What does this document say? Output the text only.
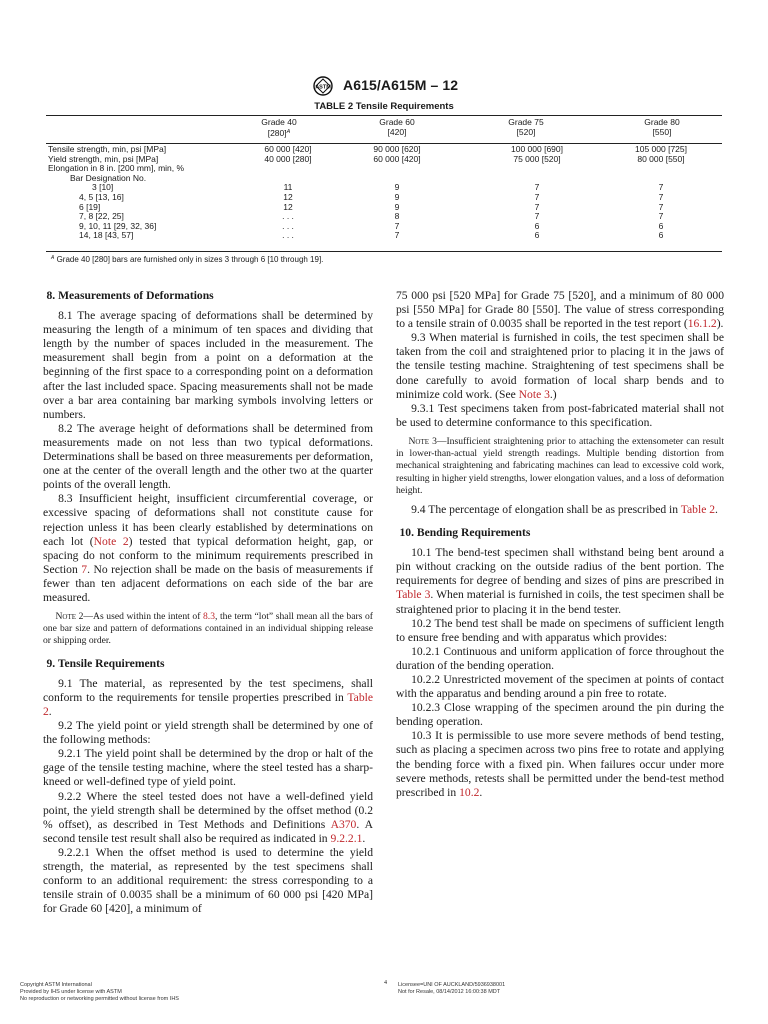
ASTM A615/A615M – 12
TABLE 2 Tensile Requirements
Grade 40
[280]$^A$
Grade 60
[420]
Grade 75
[520]
Grade 80
[550]
Tensile strength, min, psi [MPa]
Yield strength, min, psi [MPa]
Elongation in 8 in. [200 mm], min, %
Bar Designation No.
3 [10]
4, 5 [13, 16]
6 [19]
7, 8 [22, 25]
9, 10, 11 [29, 32, 36]
14, 18 [43, 57]
60 000 [420]
40 000 [280]
11
12
12
. . .
. . .
. . .
90 000 [620]
60 000 [420]
9
9
9
8
7
7
100 000 [690]
75 000 [520]
7
7
7
7
6
6
105 000 [725]
80 000 [550]
7
7
7
7
6
6
$^A$ Grade 40 [280] bars are furnished only in sizes 3 through 6 [10 through 19].
8. Measurements of Deformations

8.1 The average spacing of deformations shall be determined by measuring the length of a minimum of ten spaces and dividing that length by the number of spaces included in the measurement. The measurement shall begin from a point on a deformation at the beginning of the first space to a corresponding point on a deformation after the last included space. Spacing measurements shall not be made over a bar area containing bar marking symbols involving letters or numbers.

8.2 The average height of deformations shall be determined from measurements made on not less than two typical deformations. Determinations shall be based on three measurements per deformation, one at the center of the overall length and the other two at the quarter points of the overall length.

8.3 Insufficient height, insufficient circumferential coverage, or excessive spacing of deformations shall not constitute cause for rejection unless it has been clearly established by determinations on each lot (Note 2) tested that typical deformation height, gap, or spacing do not conform to the minimum requirements prescribed in Section 7. No rejection shall be made on the basis of measurements if fewer than ten adjacent deformations on each side of the bar are measured.

Note 2—As used within the intent of 8.3, the term “lot” shall mean all the bars of one bar size and pattern of deformations contained in an individual shipping release or shipping order.

9. Tensile Requirements

9.1 The material, as represented by the test specimens, shall conform to the requirements for tensile properties prescribed in Table 2.

9.2 The yield point or yield strength shall be determined by one of the following methods:

9.2.1 The yield point shall be determined by the drop or halt of the gage of the tensile testing machine, where the steel tested has a sharp-kneed or well-defined type of yield point.

9.2.2 Where the steel tested does not have a well-defined yield point, the yield strength shall be determined by the offset method (0.2 % offset), as described in Test Methods and Definitions A370. A second tensile test result shall also be required as indicated in 9.2.2.1.

9.2.2.1 When the offset method is used to determine the yield strength, the material, as represented by the test specimens shall conform to an additional requirement: the stress corresponding to a tensile strain of 0.0035 shall be a minimum of 60 000 psi [420 MPa] for Grade 60 [420], a minimum of

75 000 psi [520 MPa] for Grade 75 [520], and a minimum of 80 000 psi [550 MPa] for Grade 80 [550]. The value of stress corresponding to a tensile strain of 0.0035 shall be reported in the test report (16.1.2).

9.3 When material is furnished in coils, the test specimen shall be taken from the coil and straightened prior to placing it in the jaws of the tensile testing machine. Straightening of test specimens shall be done carefully to avoid formation of local sharp bends and to minimize cold work. (See Note 3.)

9.3.1 Test specimens taken from post-fabricated material shall not be used to determine conformance to this specification.

Note 3—Insufficient straightening prior to attaching the extensometer can result in lower-than-actual yield strength readings. Multiple bending distortion from mechanical straightening and fabricating machines can lead to excessive cold work, resulting in higher yield strengths, lower elongation values, and a loss of deformation height.

9.4 The percentage of elongation shall be as prescribed in Table 2.

10. Bending Requirements

10.1 The bend-test specimen shall withstand being bent around a pin without cracking on the outside radius of the bent portion. The requirements for degree of bending and sizes of pins are prescribed in Table 3. When material is furnished in coils, the test specimen shall be straightened prior to placing it in the bend tester.

10.2 The bend test shall be made on specimens of sufficient length to ensure free bending and with apparatus which provides:

10.2.1 Continuous and uniform application of force throughout the duration of the bending operation.

10.2.2 Unrestricted movement of the specimen at points of contact with the apparatus and bending around a pin free to rotate.

10.2.3 Close wrapping of the specimen around the pin during the bending operation.

10.3 It is permissible to use more severe methods of bend testing, such as placing a specimen across two pins free to rotate and applying the bending force with a fixed pin. When failures occur under more severe methods, retests shall be permitted under the bend-test method prescribed in 10.2.

Copyright ASTM International
Provided by IHS under license with ASTM
No reproduction or networking permitted without license from IHS
4 Licensee=UNI OF AUCKLAND/5936938001
Not for Resale, 08/14/2012 16:00:38 MDT
